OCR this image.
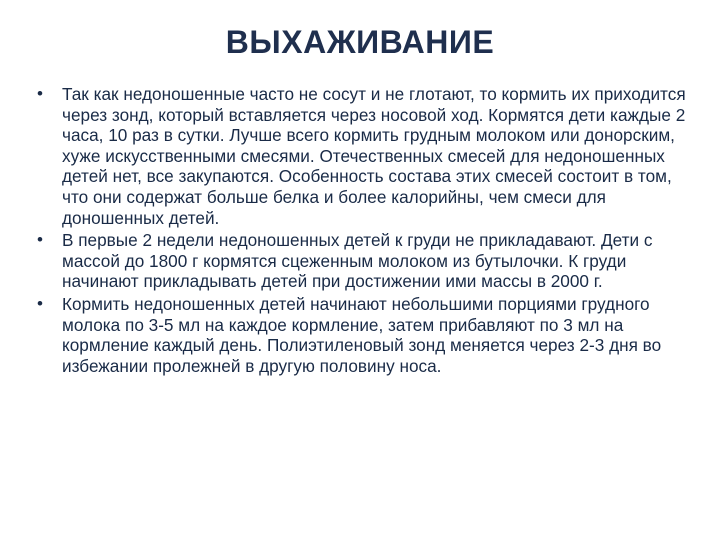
ВЫХАЖИВАНИЕ
•	Так как недоношенные часто не сосут и не глотают, то кормить их приходится через зонд, который вставляется через носовой ход. Кормятся дети каждые 2 часа, 10 раз в сутки. Лучше всего кормить грудным молоком или донорским, хуже искусственными смесями. Отечественных смесей для недоношенных детей нет, все закупаются. Особенность состава этих смесей состоит в том, что они содержат больше белка и более калорийны, чем смеси для доношенных детей.
•	В первые 2 недели недоношенных детей к груди не прикладавают. Дети с массой до 1800 г кормятся сцеженным молоком из бутылочки. К груди начинают прикладывать детей при достижении ими массы в 2000 г.
•	Кормить недоношенных детей начинают небольшими порциями грудного молока по 3-5 мл на каждое кормление, затем прибавляют по 3 мл на кормление каждый день. Полиэтиленовый зонд меняется через 2-3 дня во избежании пролежней в другую половину носа.
